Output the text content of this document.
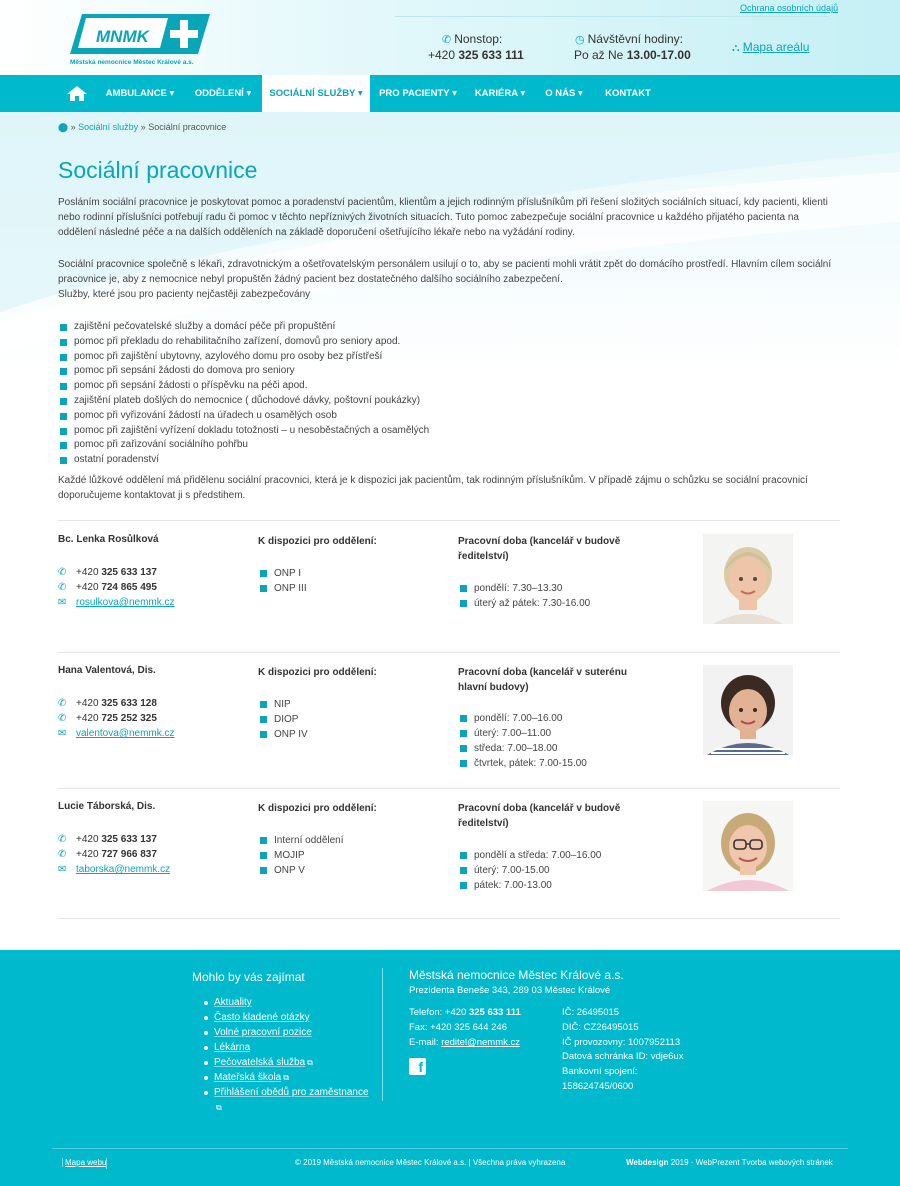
MNMK
Městská nemocnice Městec Králové a.s.
Ochrana osobních údajů
✆ Nonstop:
+420 325 633 111
◷ Návštěvní hodiny:
Po až Ne 13.00-17.00	⛬ Mapa areálu
AMBULANCE ▾	ODDĚLENÍ ▾	SOCIÁLNÍ SLUŽBY ▾	PRO PACIENTY ▾	KARIÉRA ▾	O NÁS ▾	KONTAKT
⬤ » Sociální služby » Sociální pracovnice
Sociální pracovnice

Posláním sociální pracovnice je poskytovat pomoc a poradenství pacientům, klientům a jejich rodinným příslušníkům při řešení složitých sociálních situací, kdy pacienti, klienti nebo rodinní příslušníci potřebují radu či pomoc v těchto nepříznivých životních situacích. Tuto pomoc zabezpečuje sociální pracovnice u každého přijatého pacienta na oddělení následné péče a na dalších odděleních na základě doporučení ošetřujícího lékaře nebo na vyžádání rodiny.

Sociální pracovnice společně s lékaři, zdravotnickým a ošetřovatelským personálem usilují o to, aby se pacienti mohli vrátit zpět do domácího prostředí. Hlavním cílem sociální pracovnice je, aby z nemocnice nebyl propuštěn žádný pacient bez dostatečného dalšího sociálního zabezpečení.

Služby, které jsou pro pacienty nejčastěji zabezpečovány

zajištění pečovatelské služby a domácí péče při propuštění
pomoc při překladu do rehabilitačního zařízení, domovů pro seniory apod.
pomoc při zajištění ubytovny, azylového domu pro osoby bez přístřeší
pomoc při sepsání žádosti do domova pro seniory
pomoc při sepsání žádosti o příspěvku na péči apod.
zajištění plateb došlých do nemocnice ( důchodové dávky, poštovní poukázky)
pomoc při vyřizování žádostí na úřadech u osamělých osob
pomoc při zajištění vyřízení dokladu totožnosti – u nesoběstačných a osamělých
pomoc při zařizování sociálního pohřbu
ostatní poradenství

Každé lůžkové oddělení má přidělenu sociální pracovnici, která je k dispozici jak pacientům, tak rodinným příslušníkům. V případě zájmu o schůzku se sociální pracovnicí doporučujeme kontaktovat ji s předstihem.

Bc. Lenka Rosůlková
✆ +420 325 633 137
✆ +420 724 865 495
✉ rosulkova@nemmk.cz
K dispozici pro oddělení:
ONP I
ONP III
Pracovní doba (kancelář v budově ředitelství)
pondělí: 7.30–13.30
úterý až pátek: 7.30-16.00
Hana Valentová, Dis.
✆ +420 325 633 128
✆ +420 725 252 325
✉ valentova@nemmk.cz
K dispozici pro oddělení:
NIP
DIOP
ONP IV
Pracovní doba (kancelář v suterénu hlavní budovy)
pondělí: 7.00–16.00
úterý: 7.00–11.00
středa: 7.00–18.00
čtvrtek, pátek: 7.00-15.00
Lucie Táborská, Dis.
✆ +420 325 633 137
✆ +420 727 966 837
✉ taborska@nemmk.cz
K dispozici pro oddělení:
Interní oddělení
MOJIP
ONP V
Pracovní doba (kancelář v budově ředitelství)
pondělí a středa: 7.00–16.00
úterý: 7.00-15.00
pátek: 7.00-13.00
Mohlo by vás zajímat
Aktuality
Často kladené otázky
Volné pracovní pozice
Lékárna
Pečovatelská služba ⧉
Mateřská škola ⧉
Přihlášení obědů pro zaměstnance
⧉
Městská nemocnice Městec Králové a.s.
Prezidenta Beneše 343, 289 03 Městec Králové
Telefon: +420 325 633 111
Fax: +420 325 644 246
E-mail: reditel@nemmk.cz
f
IČ: 26495015
DIČ: CZ26495015
IČ provozovny: 1007952113
Datová schránka ID: vdje6ux
Bankovní spojení:
158624745/0600
Mapa webu	© 2019 Městská nemocnice Městec Králové a.s. | Všechna práva vyhrazena	Webdesign 2019 · WebPrezent Tvorba webových stránek
